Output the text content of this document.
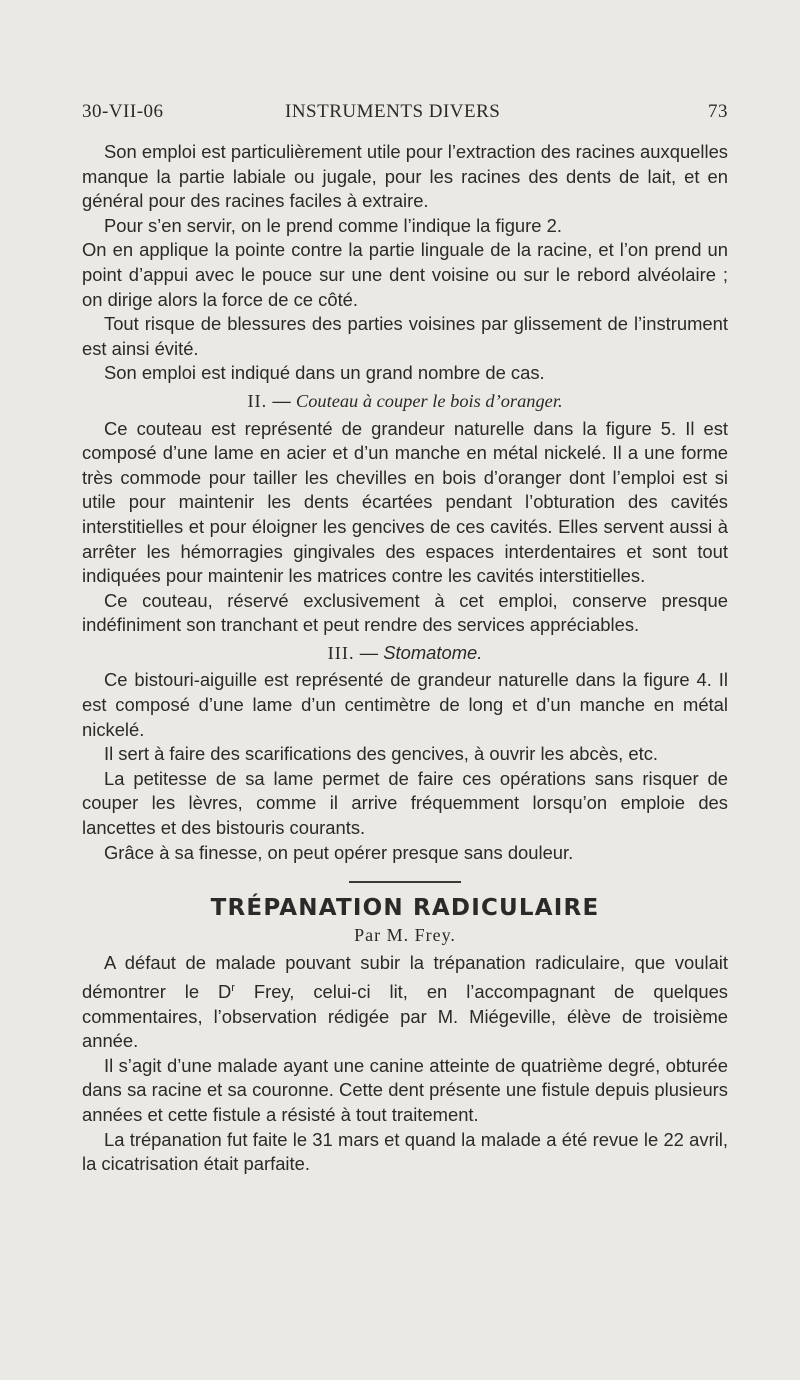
30-VII-06	INSTRUMENTS DIVERS	73

Son emploi est particulièrement utile pour l’extraction des racines auxquelles manque la partie labiale ou jugale, pour les racines des dents de lait, et en général pour des racines faciles à extraire.

Pour s’en servir, on le prend comme l’indique la figure 2.

On en applique la pointe contre la partie linguale de la racine, et l’on prend un point d’appui avec le pouce sur une dent voisine ou sur le rebord alvéolaire ; on dirige alors la force de ce côté.

Tout risque de blessures des parties voisines par glissement de l’instrument est ainsi évité.

Son emploi est indiqué dans un grand nombre de cas.

II. — Couteau à couper le bois d’oranger.

Ce couteau est représenté de grandeur naturelle dans la figure 5. Il est composé d’une lame en acier et d’un manche en métal nickelé. Il a une forme très commode pour tailler les chevilles en bois d’oranger dont l’emploi est si utile pour maintenir les dents écartées pendant l’obturation des cavités interstitielles et pour éloigner les gencives de ces cavités. Elles servent aussi à arrêter les hémorragies gingivales des espaces interdentaires et sont tout indiquées pour maintenir les matrices contre les cavités interstitielles.

Ce couteau, réservé exclusivement à cet emploi, conserve presque indéfiniment son tranchant et peut rendre des services appréciables.

III. — Stomatome.

Ce bistouri-aiguille est représenté de grandeur naturelle dans la figure 4. Il est composé d’une lame d’un centimètre de long et d’un manche en métal nickelé.

Il sert à faire des scarifications des gencives, à ouvrir les abcès, etc.

La petitesse de sa lame permet de faire ces opérations sans risquer de couper les lèvres, comme il arrive fréquemment lorsqu’on emploie des lancettes et des bistouris courants.

Grâce à sa finesse, on peut opérer presque sans douleur.

TRÉPANATION RADICULAIRE

Par M. Frey.

A défaut de malade pouvant subir la trépanation radiculaire, que voulait démontrer le $D^r$ Frey, celui-ci lit, en l’accompagnant de quelques commentaires, l’observation rédigée par M. Miégeville, élève de troisième année.

Il s’agit d’une malade ayant une canine atteinte de quatrième degré, obturée dans sa racine et sa couronne. Cette dent présente une fistule depuis plusieurs années et cette fistule a résisté à tout traitement.

La trépanation fut faite le 31 mars et quand la malade a été revue le 22 avril, la cicatrisation était parfaite.
